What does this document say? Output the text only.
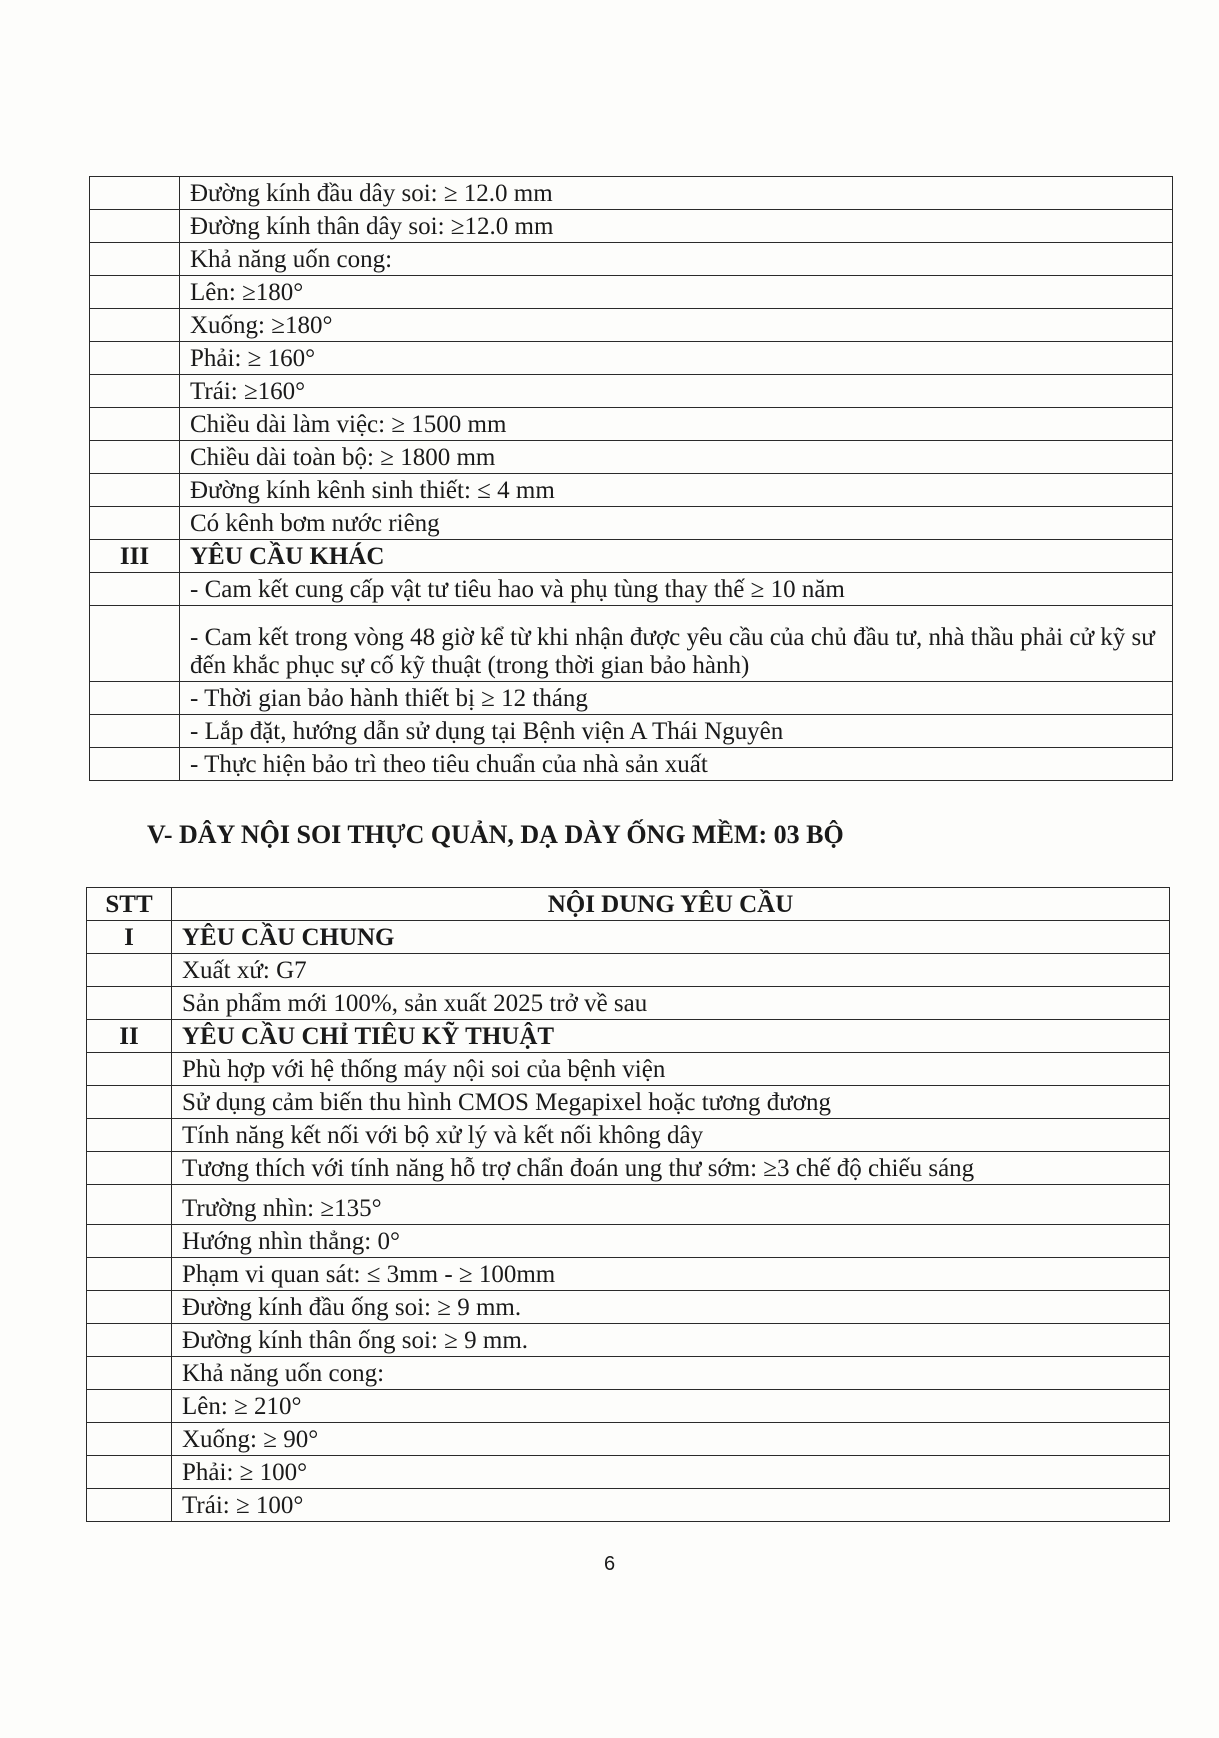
	Đường kính đầu dây soi: ≥ 12.0 mm
	Đường kính thân dây soi: ≥12.0 mm
	Khả năng uốn cong:
	Lên: ≥180°
	Xuống: ≥180°
	Phải: ≥ 160°
	Trái: ≥160°
	Chiều dài làm việc: ≥ 1500 mm
	Chiều dài toàn bộ: ≥ 1800 mm
	Đường kính kênh sinh thiết: ≤ 4 mm
	Có kênh bơm nước riêng
III	YÊU CẦU KHÁC
	- Cam kết cung cấp vật tư tiêu hao và phụ tùng thay thế ≥ 10 năm
	- Cam kết trong vòng 48 giờ kể từ khi nhận được yêu cầu của chủ đầu tư, nhà thầu phải cử kỹ sư đến khắc phục sự cố kỹ thuật (trong thời gian bảo hành)
	- Thời gian bảo hành thiết bị ≥ 12 tháng
	- Lắp đặt, hướng dẫn sử dụng tại Bệnh viện A Thái Nguyên
	- Thực hiện bảo trì theo tiêu chuẩn của nhà sản xuất
V- DÂY NỘI SOI THỰC QUẢN, DẠ DÀY ỐNG MỀM: 03 BỘ
STT	NỘI DUNG YÊU CẦU
I	YÊU CẦU CHUNG
	Xuất xứ: G7
	Sản phẩm mới 100%, sản xuất 2025 trở về sau
II	YÊU CẦU CHỈ TIÊU KỸ THUẬT
	Phù hợp với hệ thống máy nội soi của bệnh viện
	Sử dụng cảm biến thu hình CMOS Megapixel hoặc tương đương
	Tính năng kết nối với bộ xử lý và kết nối không dây
	Tương thích với tính năng hỗ trợ chẩn đoán ung thư sớm: ≥3 chế độ chiếu sáng
	Trường nhìn: ≥135°
	Hướng nhìn thẳng: 0°
	Phạm vi quan sát: ≤ 3mm - ≥ 100mm
	Đường kính đầu ống soi: ≥ 9 mm.
	Đường kính thân ống soi: ≥ 9 mm.
	Khả năng uốn cong:
	Lên: ≥ 210°
	Xuống: ≥ 90°
	Phải: ≥ 100°
	Trái: ≥ 100°
6
